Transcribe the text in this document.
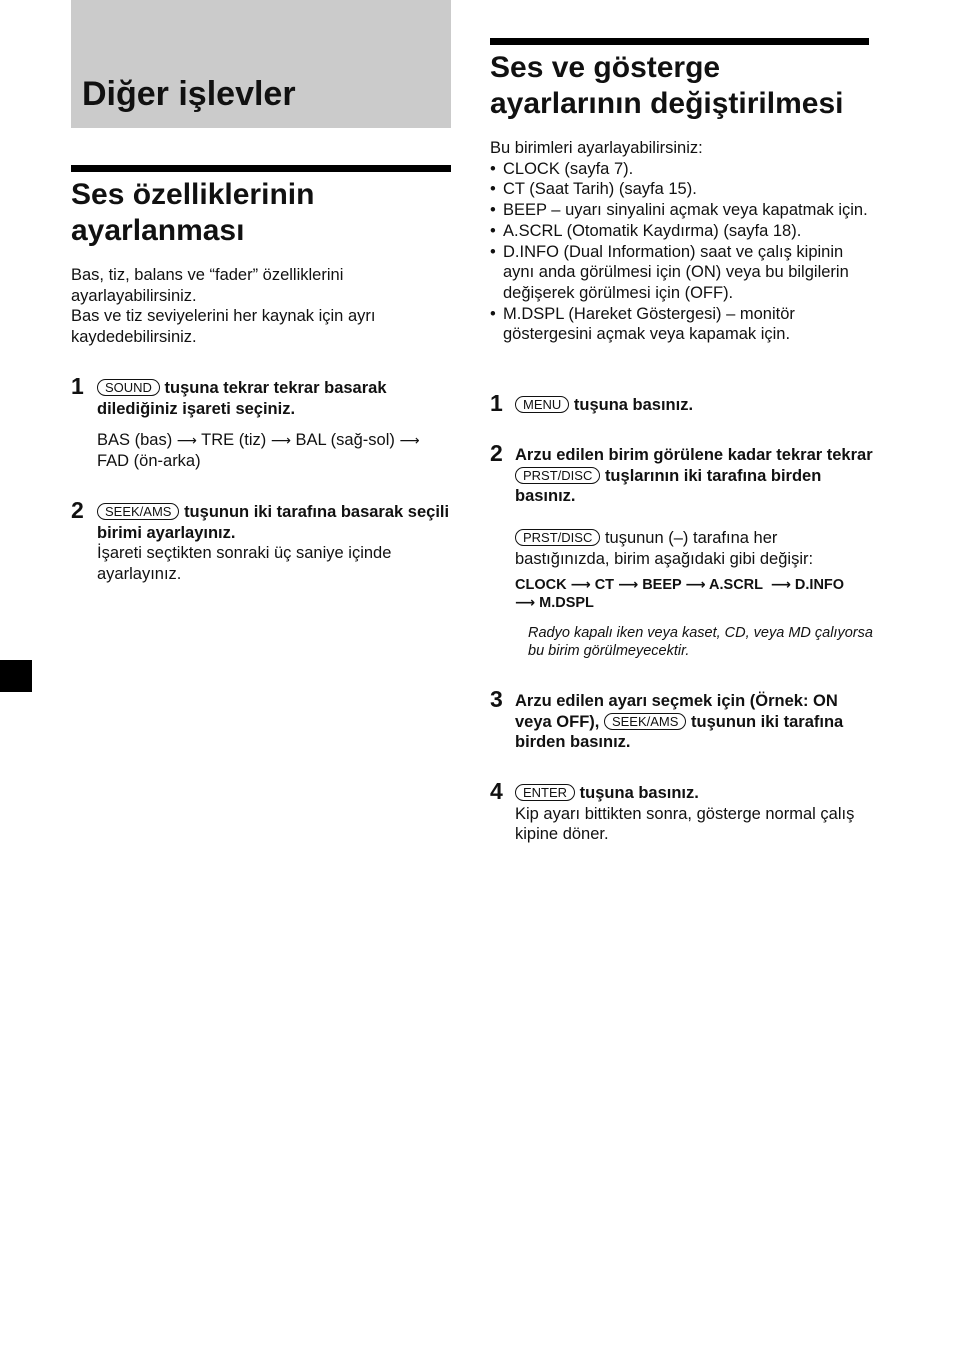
Diğer işlevler
Ses özelliklerinin ayarlanması

Bas, tiz, balans ve “fader” özelliklerini ayarlayabilirsiniz.

Bas ve tiz seviyelerini her kaynak için ayrı kaydedebilirsiniz.

1	SOUND tuşuna tekrar tekrar basarak dilediğiniz işareti seçiniz.
BAS (bas) ⟶ TRE (tiz) ⟶ BAL (sağ-sol) ⟶ FAD (ön-arka)
2	SEEK/AMS tuşunun iki tarafına basarak seçili birimi ayarlayınız.
İşareti seçtikten sonraki üç saniye içinde ayarlayınız.
Ses ve gösterge ayarlarının değiştirilmesi

Bu birimleri ayarlayabilirsiniz:

• CLOCK (sayfa 7).
• CT (Saat Tarih) (sayfa 15).
• BEEP – uyarı sinyalini açmak veya kapatmak için.
• A.SCRL (Otomatik Kaydırma) (sayfa 18).
• D.INFO (Dual Information) saat ve çalış kipinin aynı anda görülmesi için (ON) veya bu bilgilerin değişerek görülmesi için (OFF).
• M.DSPL (Hareket Göstergesi) – monitör göstergesini açmak veya kapamak için.
1	MENU tuşuna basınız.
2 Arzu edilen birim görülene kadar tekrar tekrar PRST/DISC tuşlarının iki tarafına birden basınız.
PRST/DISC tuşunun (–) tarafına her bastığınızda, birim aşağıdaki gibi değişir:
CLOCK ⟶ CT ⟶ BEEP ⟶ A.SCRL ⟶ D.INFO
⟶ M.DSPL
Radyo kapalı iken veya kaset, CD, veya MD çalıyorsa bu birim görülmeyecektir.
3 Arzu edilen ayarı seçmek için (Örnek: ON veya OFF), SEEK/AMS tuşunun iki tarafına birden basınız.
4	ENTER tuşuna basınız.
Kip ayarı bittikten sonra, gösterge normal çalış kipine döner.
